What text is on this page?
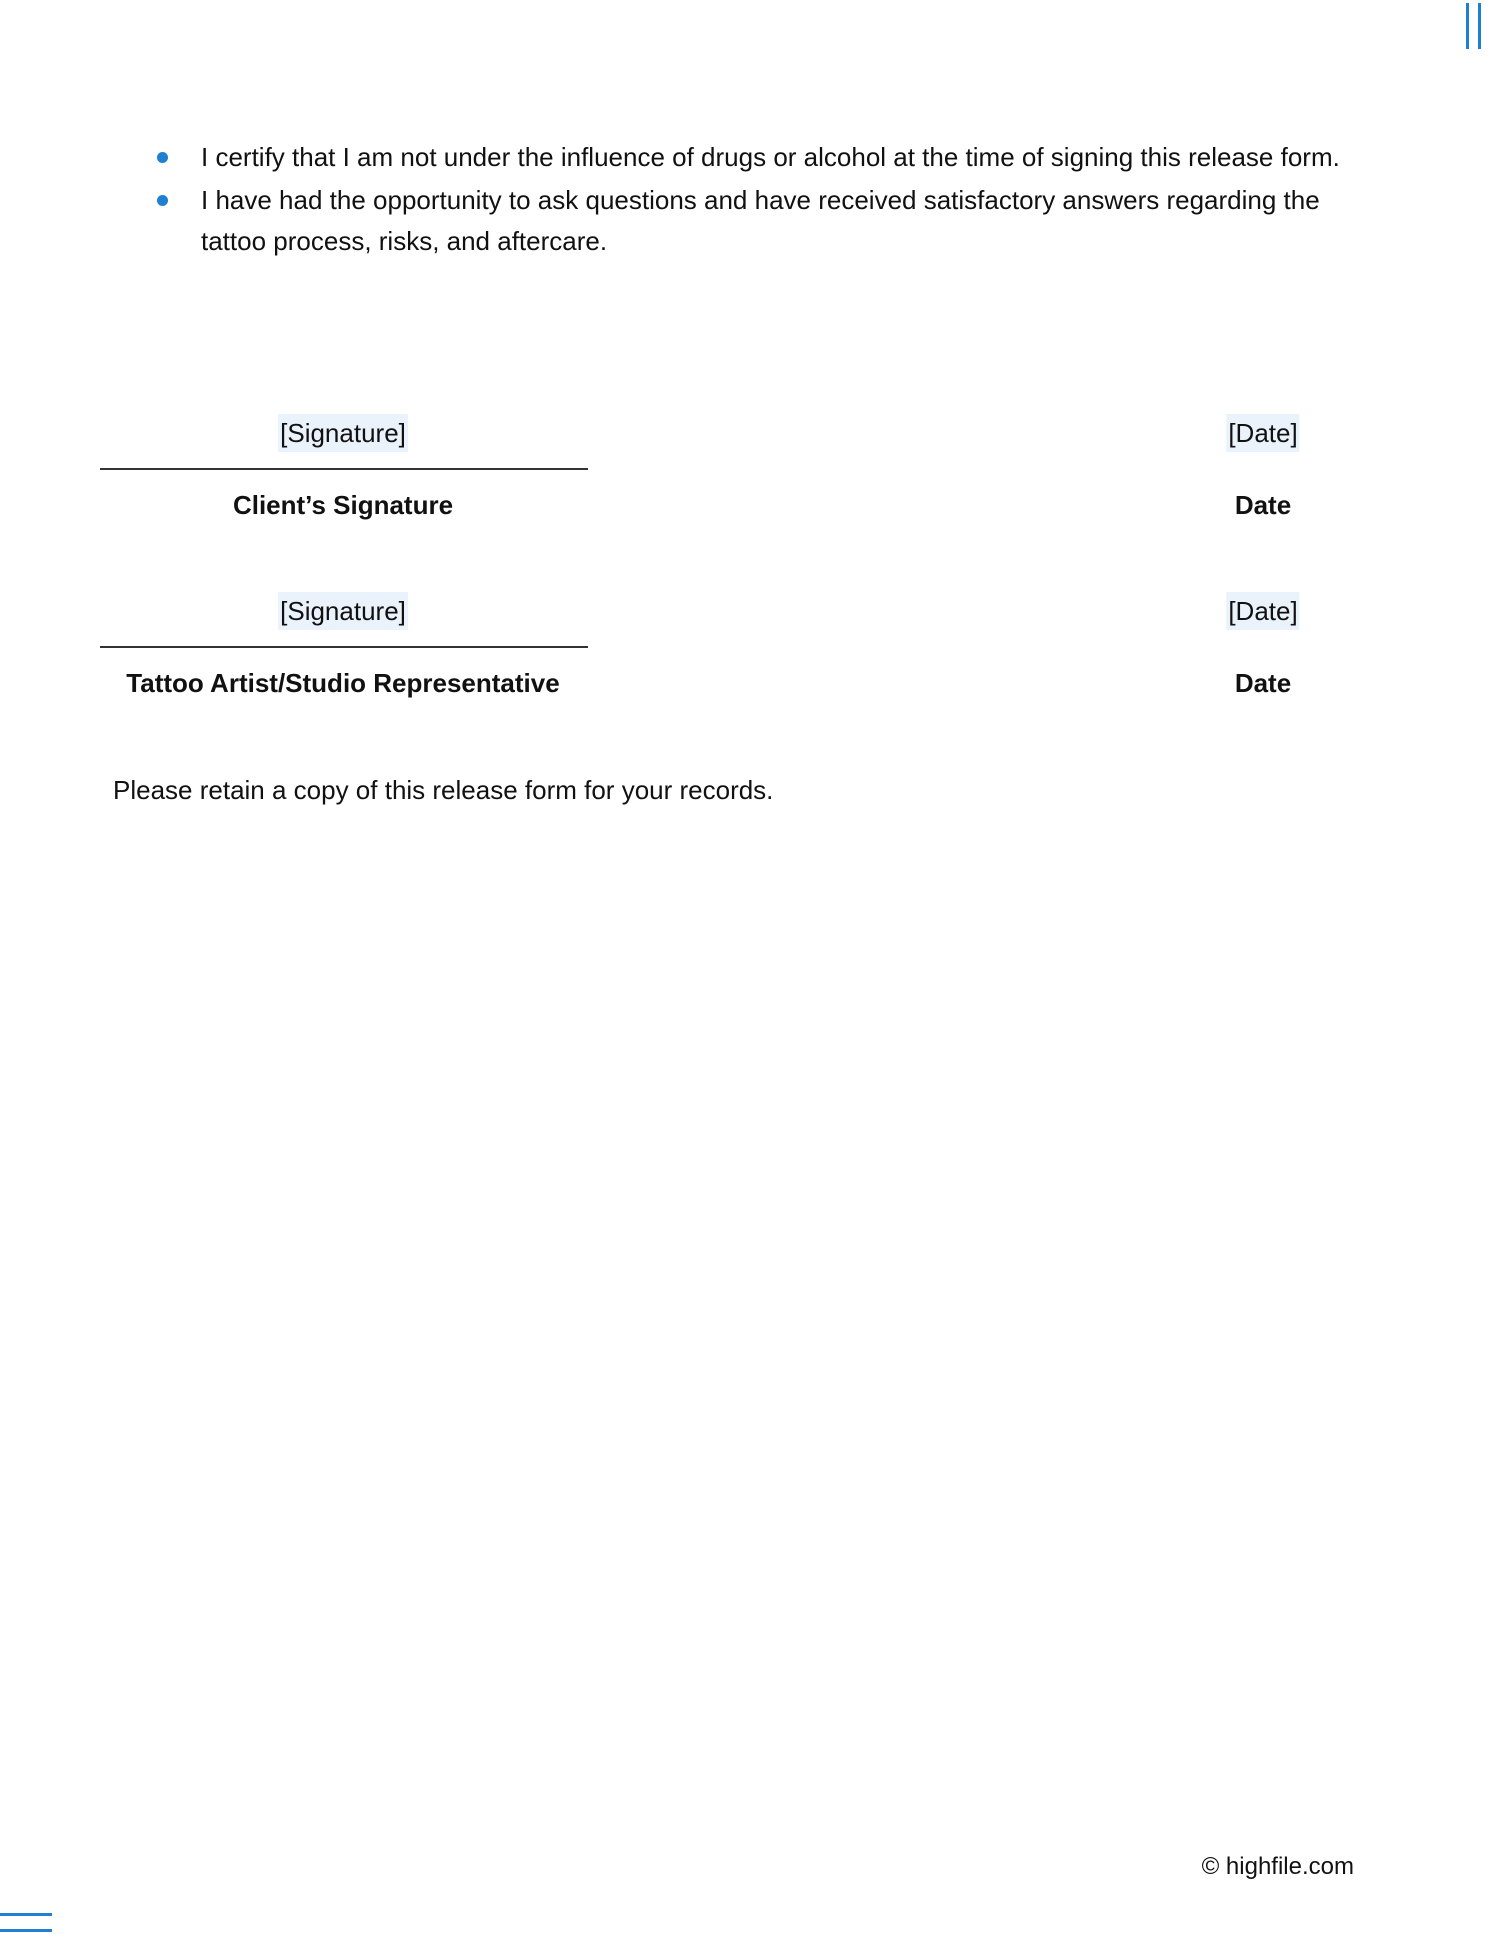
I certify that I am not under the influence of drugs or alcohol at the time of signing this release form.
I have had the opportunity to ask questions and have received satisfactory answers regarding the tattoo process, risks, and aftercare.
[Signature]	[Date]
Client’s Signature	Date
[Signature]	[Date]
Tattoo Artist/Studio Representative	Date
Please retain a copy of this release form for your records.
© highfile.com
